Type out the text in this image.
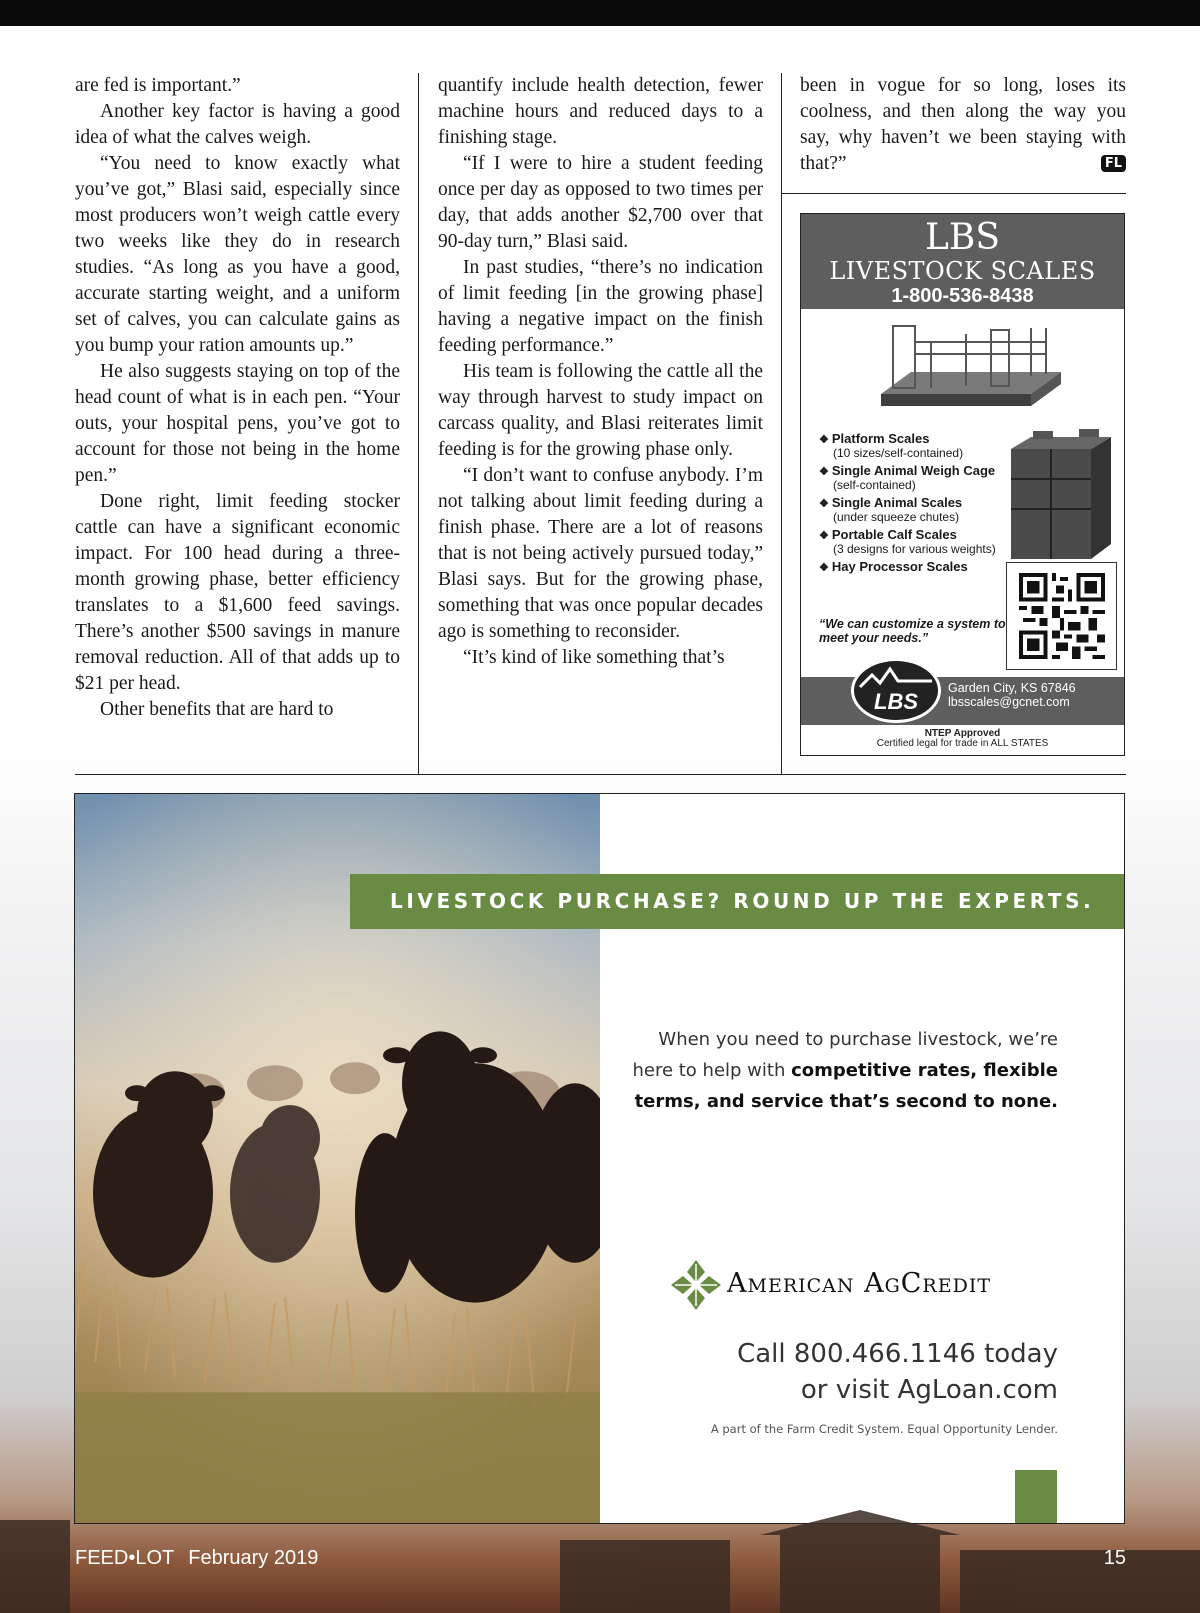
are fed is important.”

Another key factor is having a good idea of what the calves weigh.

“You need to know exactly what you’ve got,” Blasi said, especially since most producers won’t weigh cattle every two weeks like they do in research studies. “As long as you have a good, accurate starting weight, and a uniform set of calves, you can calculate gains as you bump your ration amounts up.”

He also suggests staying on top of the head count of what is in each pen. “Your outs, your hospital pens, you’ve got to account for those not being in the home pen.”

Done right, limit feeding stocker cattle can have a significant economic impact. For 100 head during a three-month growing phase, better efficiency translates to a $1,600 feed savings. There’s another $500 savings in manure removal reduction. All of that adds up to $21 per head.

Other benefits that are hard to

quantify include health detection, fewer machine hours and reduced days to a finishing stage.

“If I were to hire a student feeding once per day as opposed to two times per day, that adds another $2,700 over that 90-day turn,” Blasi said.

In past studies, “there’s no indication of limit feeding [in the growing phase] having a negative impact on the finish feeding performance.”

His team is following the cattle all the way through harvest to study impact on carcass quality, and Blasi reiterates limit feeding is for the growing phase only.

“I don’t want to confuse anybody. I’m not talking about limit feeding during a finish phase. There are a lot of reasons that is not being actively pursued today,” Blasi says. But for the growing phase, something that was once popular decades ago is something to reconsider.

“It’s kind of like something that’s

been in vogue for so long, loses its coolness, and then along the way you say, why haven’t we been staying with that?”	FL

LBS
LIVESTOCK SCALES
1-800-536-8438
❖ Platform Scales
(10 sizes/self-contained)
❖ Single Animal Weigh Cage
(self-contained)
❖ Single Animal Scales
(under squeeze chutes)
❖ Portable Calf Scales
(3 designs for various weights)
❖ Hay Processor Scales
“We can customize a system to meet your needs.”
LBS
Garden City, KS 67846
lbsscales@gcnet.com
NTEP Approved
Certified legal for trade in ALL STATES
LIVESTOCK PURCHASE? ROUND UP THE EXPERTS.
When you need to purchase livestock, we’re here to help with competitive rates, flexible terms, and service that’s second to none.
American AgCredit
Call 800.466.1146 today
or visit AgLoan.com
A part of the Farm Credit System. Equal Opportunity Lender.
FEED•LOT February 2019	15
